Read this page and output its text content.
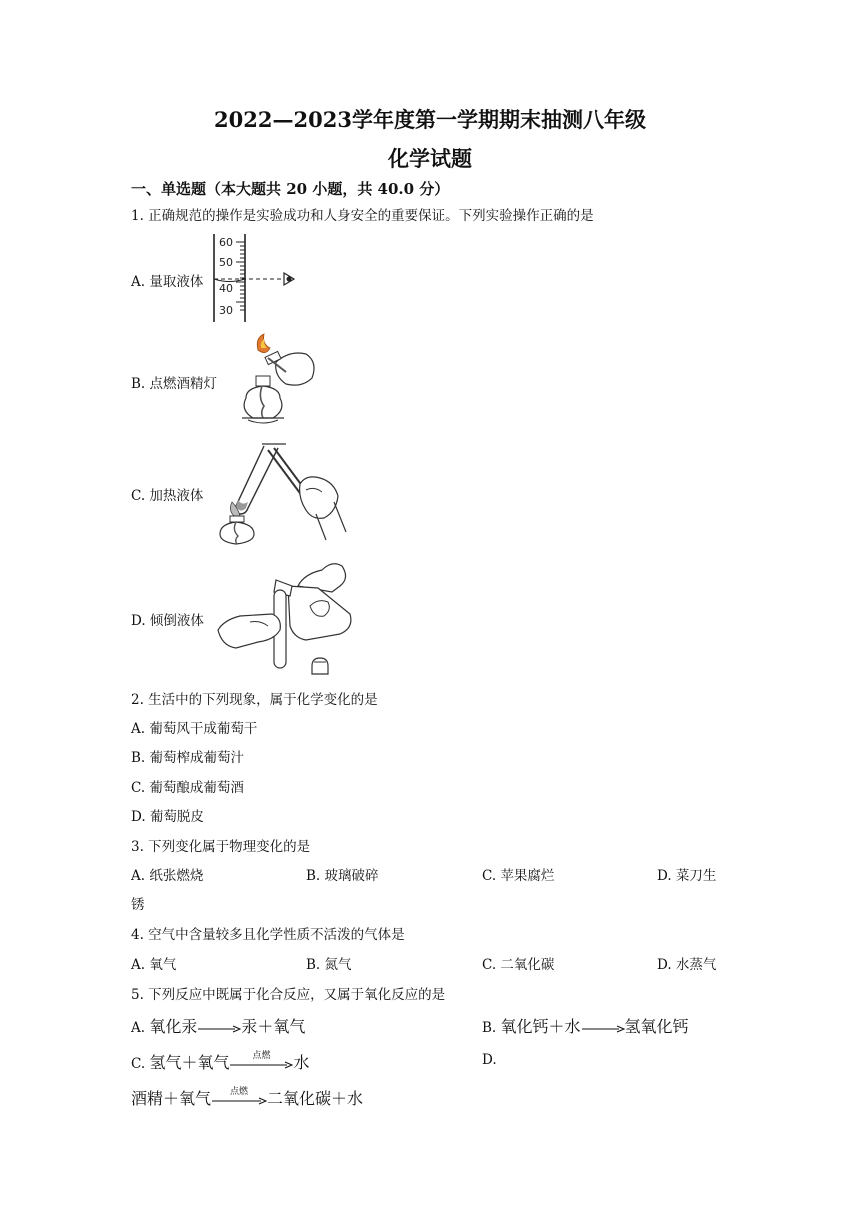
2022—2023学年度第一学期期末抽测八年级
化学试题
一、单选题（本大题共 20 小题，共 40.0 分）
1. 正确规范的操作是实验成功和人身安全的重要保证。下列实验操作正确的是
A. 量取液体
60
50
40
30
B. 点燃酒精灯
C. 加热液体
D. 倾倒液体
2. 生活中的下列现象，属于化学变化的是
A. 葡萄风干成葡萄干
B. 葡萄榨成葡萄汁
C. 葡萄酿成葡萄酒
D. 葡萄脱皮
3. 下列变化属于物理变化的是
A. 纸张燃烧	B. 玻璃破碎	C. 苹果腐烂	D. 菜刀生
锈
4. 空气中含量较多且化学性质不活泼的气体是
A. 氧气	B. 氮气	C. 二氧化碳	D. 水蒸气
5. 下列反应中既属于化合反应，又属于氧化反应的是
A. 氧化汞→汞＋氧气	B. 氧化钙＋水→氢氧化钙
C. 氢气＋氧气	点燃	水	D.
酒精＋氧气	点燃	二氧化碳＋水
